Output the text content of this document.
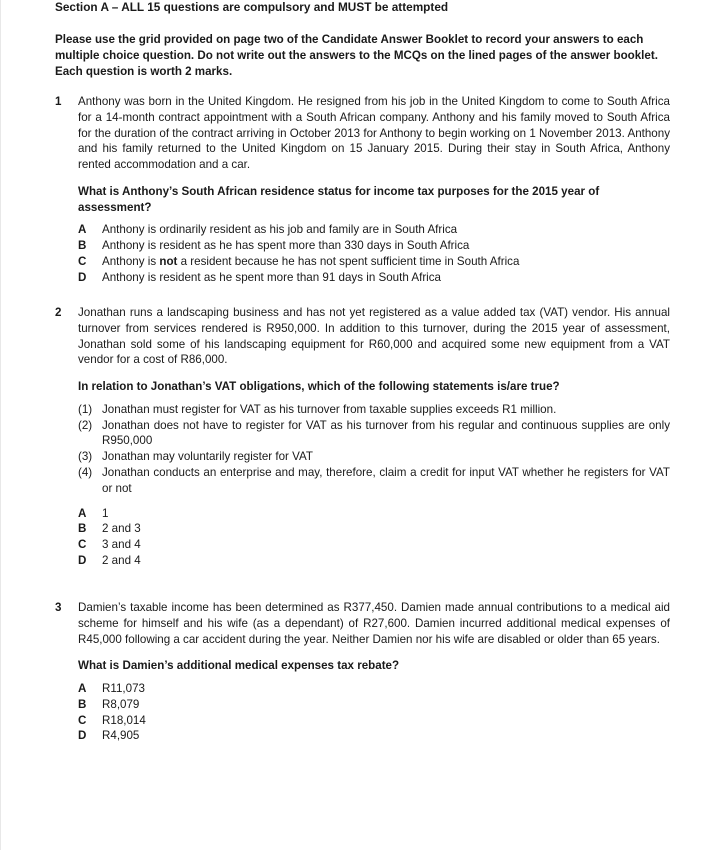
Section A – ALL 15 questions are compulsory and MUST be attempted
Please use the grid provided on page two of the Candidate Answer Booklet to record your answers to each multiple choice question. Do not write out the answers to the MCQs on the lined pages of the answer booklet.
Each question is worth 2 marks.
1 Anthony was born in the United Kingdom. He resigned from his job in the United Kingdom to come to South Africa for a 14-month contract appointment with a South African company. Anthony and his family moved to South Africa for the duration of the contract arriving in October 2013 for Anthony to begin working on 1 November 2013. Anthony and his family returned to the United Kingdom on 15 January 2015. During their stay in South Africa, Anthony rented accommodation and a car.
What is Anthony’s South African residence status for income tax purposes for the 2015 year of assessment?
A	Anthony is ordinarily resident as his job and family are in South Africa
B	Anthony is resident as he has spent more than 330 days in South Africa
C	Anthony is not a resident because he has not spent sufficient time in South Africa
D	Anthony is resident as he spent more than 91 days in South Africa
2 Jonathan runs a landscaping business and has not yet registered as a value added tax (VAT) vendor. His annual turnover from services rendered is R950,000. In addition to this turnover, during the 2015 year of assessment, Jonathan sold some of his landscaping equipment for R60,000 and acquired some new equipment from a VAT vendor for a cost of R86,000.
In relation to Jonathan’s VAT obligations, which of the following statements is/are true?
(1) Jonathan must register for VAT as his turnover from taxable supplies exceeds R1 million.
(2) Jonathan does not have to register for VAT as his turnover from his regular and continuous supplies are only R950,000
(3) Jonathan may voluntarily register for VAT
(4) Jonathan conducts an enterprise and may, therefore, claim a credit for input VAT whether he registers for VAT or not
A	1
B	2 and 3
C	3 and 4
D	2 and 4
3 Damien’s taxable income has been determined as R377,450. Damien made annual contributions to a medical aid scheme for himself and his wife (as a dependant) of R27,600. Damien incurred additional medical expenses of R45,000 following a car accident during the year. Neither Damien nor his wife are disabled or older than 65 years.
What is Damien’s additional medical expenses tax rebate?
A	R11,073
B	R8,079
C	R18,014
D	R4,905
